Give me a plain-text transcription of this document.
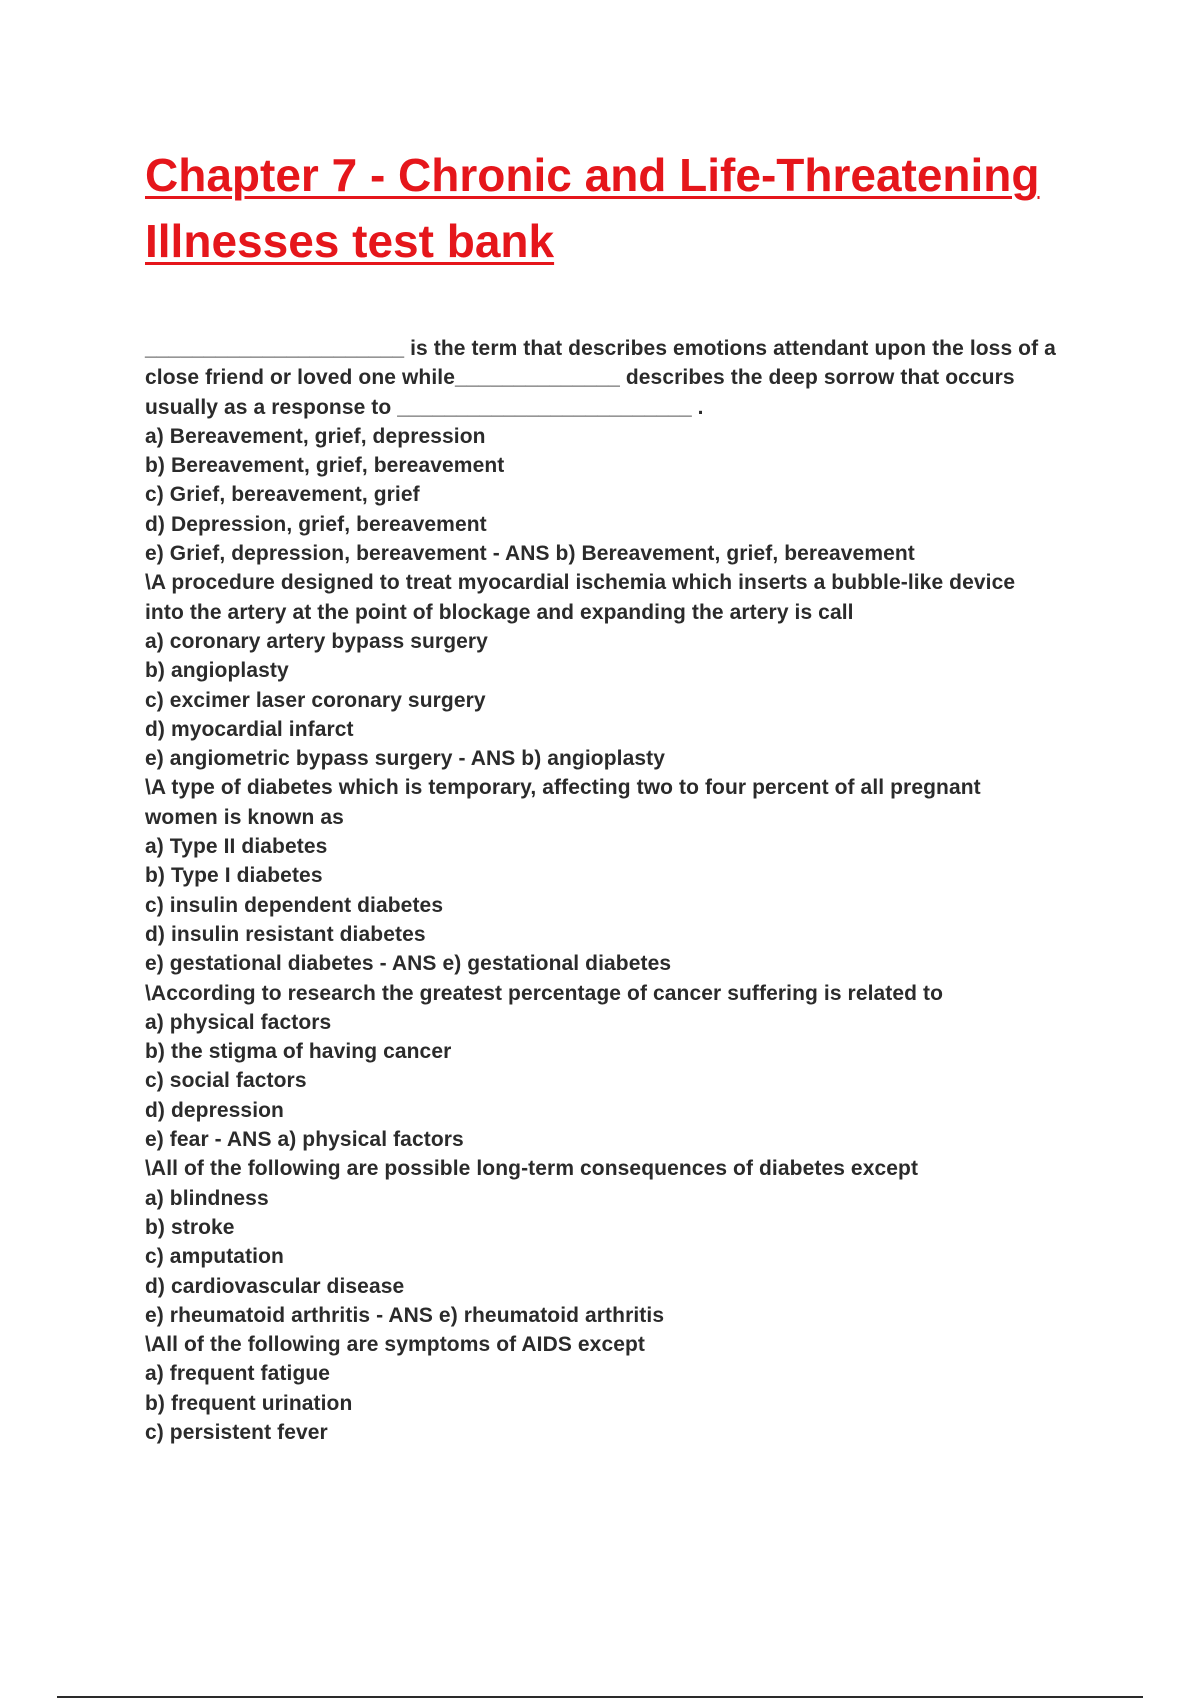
Chapter 7 - Chronic and Life-Threatening Illnesses test bank

______________________ is the term that describes emotions attendant upon the loss of a

close friend or loved one while______________ describes the deep sorrow that occurs

usually as a response to _________________________ .

a) Bereavement, grief, depression

b) Bereavement, grief, bereavement

c) Grief, bereavement, grief

d) Depression, grief, bereavement

e) Grief, depression, bereavement - ANS b) Bereavement, grief, bereavement

\A procedure designed to treat myocardial ischemia which inserts a bubble-like device

into the artery at the point of blockage and expanding the artery is call

a) coronary artery bypass surgery

b) angioplasty

c) excimer laser coronary surgery

d) myocardial infarct

e) angiometric bypass surgery - ANS b) angioplasty

\A type of diabetes which is temporary, affecting two to four percent of all pregnant

women is known as

a) Type II diabetes

b) Type I diabetes

c) insulin dependent diabetes

d) insulin resistant diabetes

e) gestational diabetes - ANS e) gestational diabetes

\According to research the greatest percentage of cancer suffering is related to

a) physical factors

b) the stigma of having cancer

c) social factors

d) depression

e) fear - ANS a) physical factors

\All of the following are possible long-term consequences of diabetes except

a) blindness

b) stroke

c) amputation

d) cardiovascular disease

e) rheumatoid arthritis - ANS e) rheumatoid arthritis

\All of the following are symptoms of AIDS except

a) frequent fatigue

b) frequent urination

c) persistent fever
